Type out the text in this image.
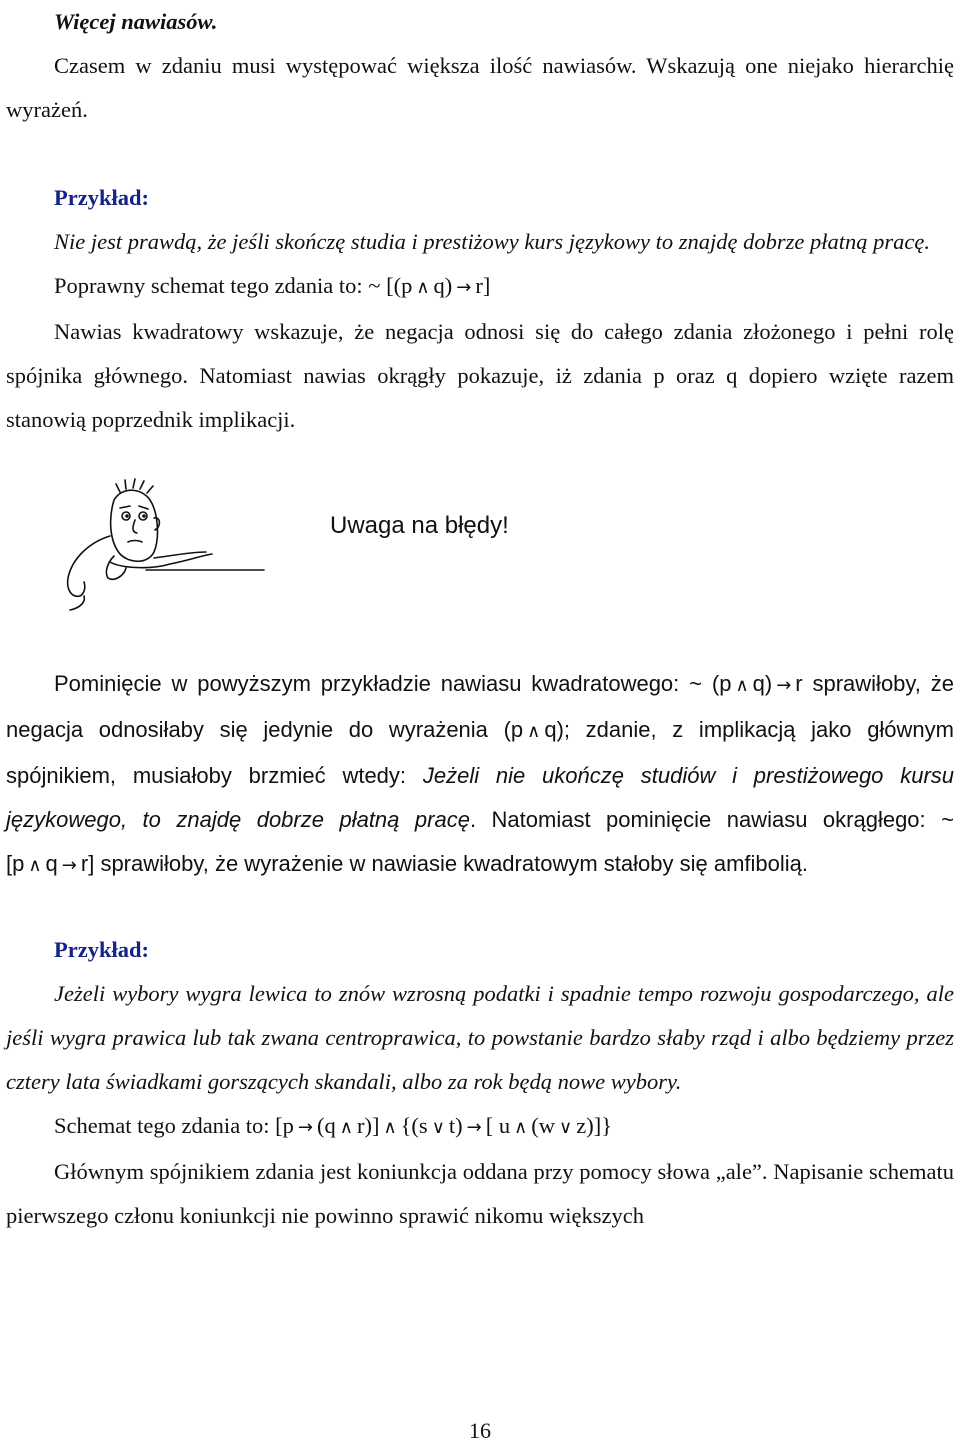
Więcej nawiasów.

Czasem w zdaniu musi występować większa ilość nawiasów. Wskazują one niejako hierarchię wyrażeń.

Przykład:

Nie jest prawdą, że jeśli skończę studia i prestiżowy kurs językowy to znajdę dobrze płatną pracę.

Poprawny schemat tego zdania to: ~ [(p ∧ q) → r]

Nawias kwadratowy wskazuje, że negacja odnosi się do całego zdania złożonego i pełni rolę spójnika głównego. Natomiast nawias okrągły pokazuje, iż zdania p oraz q dopiero wzięte razem stanowią poprzednik implikacji.

Uwaga na błędy!

Pominięcie w powyższym przykładzie nawiasu kwadratowego: ~ (p ∧ q) → r sprawiłoby, że negacja odnosiłaby się jedynie do wyrażenia (p ∧ q); zdanie, z implikacją jako głównym spójnikiem, musiałoby brzmieć wtedy: Jeżeli nie ukończę studiów i prestiżowego kursu językowego, to znajdę dobrze płatną pracę. Natomiast pominięcie nawiasu okrągłego: ~ [p ∧ q → r] sprawiłoby, że wyrażenie w nawiasie kwadratowym stałoby się amfibolią.

Przykład:

Jeżeli wybory wygra lewica to znów wzrosną podatki i spadnie tempo rozwoju gospodarczego, ale jeśli wygra prawica lub tak zwana centroprawica, to powstanie bardzo słaby rząd i albo będziemy przez cztery lata świadkami gorszących skandali, albo za rok będą nowe wybory.

Schemat tego zdania to: [p → (q ∧ r)] ∧ {(s ∨ t) → [ u ∧ (w ∨ z)]}

Głównym spójnikiem zdania jest koniunkcja oddana przy pomocy słowa „ale”. Napisanie schematu pierwszego członu koniunkcji nie powinno sprawić nikomu większych

16
